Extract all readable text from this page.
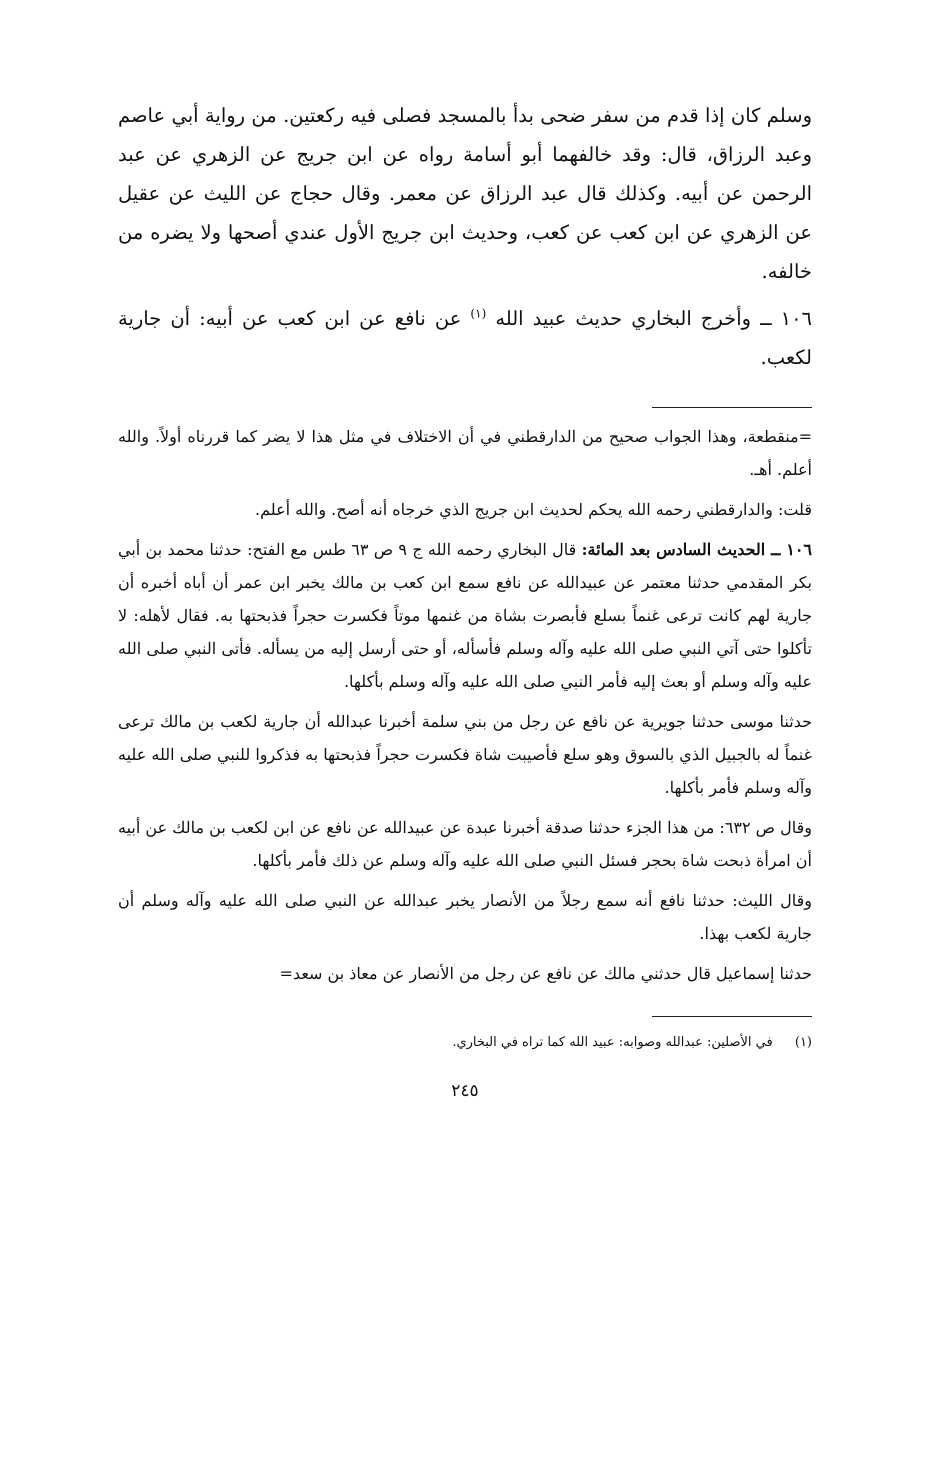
وسلم كان إذا قدم من سفر ضحى بدأ بالمسجد فصلى فيه ركعتين. من رواية أبي عاصم وعبد الرزاق، قال: وقد خالفهما أبو أسامة رواه عن ابن جريج عن الزهري عن عبد الرحمن عن أبيه. وكذلك قال عبد الرزاق عن معمر. وقال حجاج عن الليث عن عقيل عن الزهري عن ابن كعب عن كعب، وحديث ابن جريج الأول عندي أصحها ولا يضره من خالفه.

١٠٦ ــ وأخرج البخاري حديث عبيد الله $^{(١)}$ عن نافع عن ابن كعب عن أبيه: أن جارية لكعب.

=منقطعة، وهذا الجواب صحيح من الدارقطني في أن الاختلاف في مثل هذا لا يضر كما قررناه أولاً. والله أعلم. أهـ.

قلت: والدارقطني رحمه الله يحكم لحديث ابن جريج الذي خرجاه أنه أصح. والله أعلم.

١٠٦ ــ الحديث السادس بعد المائة: قال البخاري رحمه الله ج ٩ ص ٦٣ طس مع الفتح: حدثنا محمد بن أبي بكر المقدمي حدثنا معتمر عن عبيدالله عن نافع سمع ابن كعب بن مالك يخبر ابن عمر أن أباه أخبره أن جارية لهم كانت ترعى غنماً بسلع فأبصرت بشاة من غنمها موتاً فكسرت حجراً فذبحتها به. فقال لأهله: لا تأكلوا حتى آتي النبي صلى الله عليه وآله وسلم فأسأله، أو حتى أرسل إليه من يسأله. فأتى النبي صلى الله عليه وآله وسلم أو بعث إليه فأمر النبي صلى الله عليه وآله وسلم بأكلها.

حدثنا موسى حدثنا جويرية عن نافع عن رجل من بني سلمة أخبرنا عبدالله أن جارية لكعب بن مالك ترعى غنماً له بالجبيل الذي بالسوق وهو سلع فأصيبت شاة فكسرت حجراً فذبحتها به فذكروا للنبي صلى الله عليه وآله وسلم فأمر بأكلها.

وقال ص ٦٣٢: من هذا الجزء حدثنا صدقة أخبرنا عبدة عن عبيدالله عن نافع عن ابن لكعب بن مالك عن أبيه أن امرأة ذبحت شاة بحجر فسئل النبي صلى الله عليه وآله وسلم عن ذلك فأمر بأكلها.

وقال الليث: حدثنا نافع أنه سمع رجلاً من الأنصار يخبر عبدالله عن النبي صلى الله عليه وآله وسلم أن جارية لكعب بهذا.

حدثنا إسماعيل قال حدثني مالك عن نافع عن رجل من الأنصار عن معاذ بن سعد=

(١) في الأصلين: عبدالله وصوابه: عبيد الله كما تراه في البخاري.

٢٤٥
